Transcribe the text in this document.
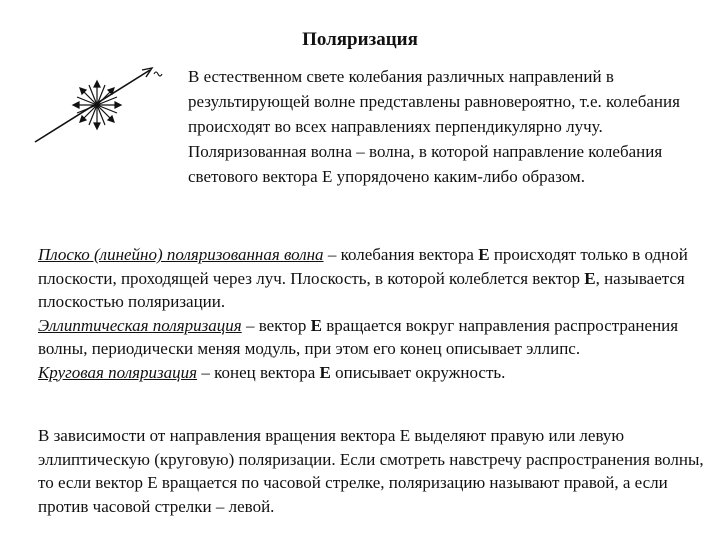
Поляризация

В естественном свете колебания различных направлений в результирующей волне представлены равновероятно, т.е. колебания происходят во всех направлениях перпендикулярно лучу.

Поляризованная волна – волна, в которой направление колебания светового вектора Е упорядочено каким-либо образом.

Плоско (линейно) поляризованная волна – колебания вектора Е происходят только в одной плоскости, проходящей через луч. Плоскость, в которой колеблется вектор Е, называется плоскостью поляризации.

Эллиптическая поляризация – вектор Е вращается вокруг направления распространения волны, периодически меняя модуль, при этом его конец описывает эллипс.

Круговая поляризация – конец вектора Е описывает окружность.

В зависимости от направления вращения вектора Е выделяют правую или левую эллиптическую (круговую) поляризации. Если смотреть навстречу распространения волны, то если вектор Е вращается по часовой стрелке, поляризацию называют правой, а если против часовой стрелки – левой.
